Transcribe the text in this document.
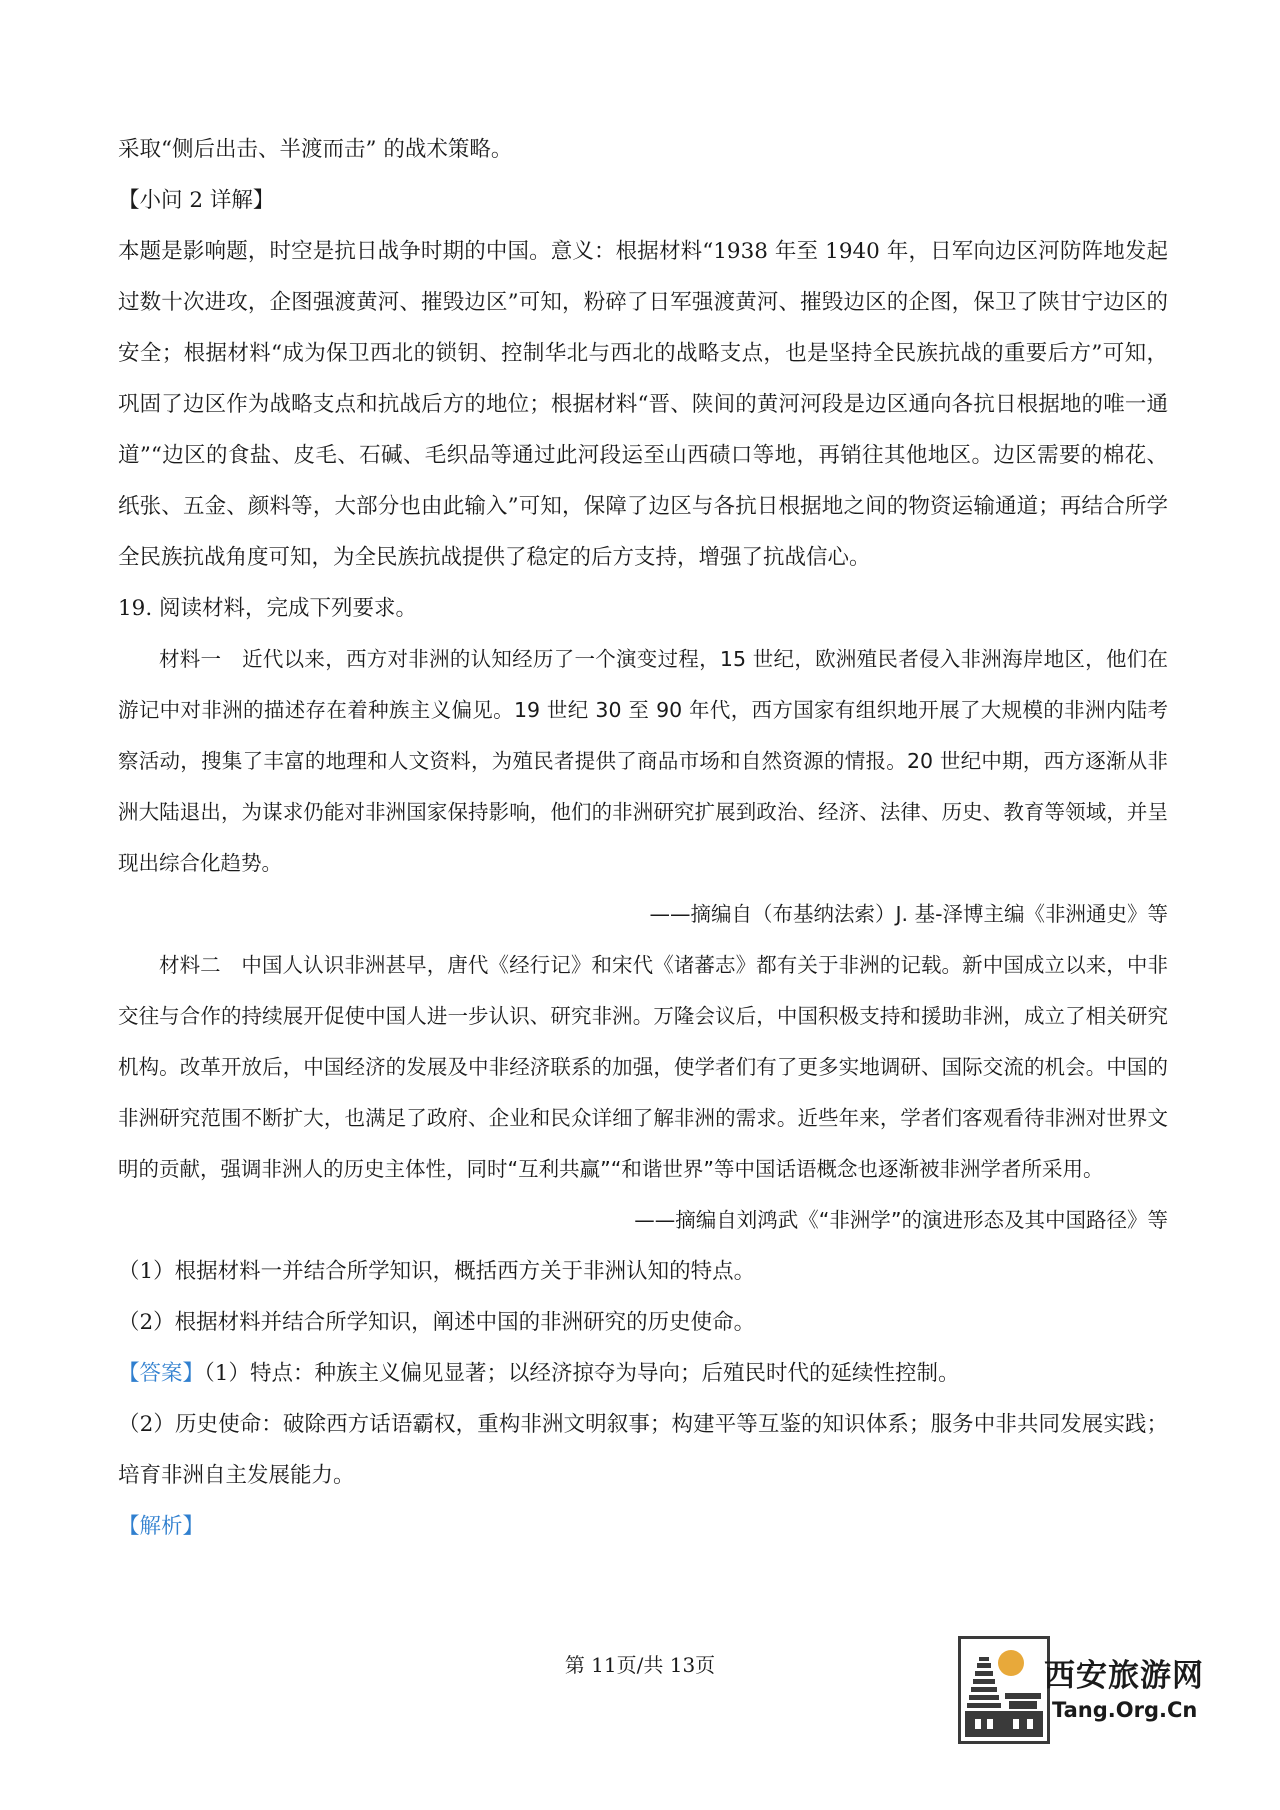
采取“侧后出击、半渡而击” 的战术策略。

【小问 2 详解】

本题是影响题，时空是抗日战争时期的中国。意义：根据材料“1938 年至 1940 年，日军向边区河防阵地发起过数十次进攻，企图强渡黄河、摧毁边区”可知，粉碎了日军强渡黄河、摧毁边区的企图，保卫了陕甘宁边区的安全；根据材料“成为保卫西北的锁钥、控制华北与西北的战略支点，也是坚持全民族抗战的重要后方”可知，巩固了边区作为战略支点和抗战后方的地位；根据材料“晋、陕间的黄河河段是边区通向各抗日根据地的唯一通道”“边区的食盐、皮毛、石碱、毛织品等通过此河段运至山西碛口等地，再销往其他地区。边区需要的棉花、纸张、五金、颜料等，大部分也由此输入”可知，保障了边区与各抗日根据地之间的物资运输通道；再结合所学全民族抗战角度可知，为全民族抗战提供了稳定的后方支持，增强了抗战信心。

19. 阅读材料，完成下列要求。

材料一　近代以来，西方对非洲的认知经历了一个演变过程，15 世纪，欧洲殖民者侵入非洲海岸地区，他们在游记中对非洲的描述存在着种族主义偏见。19 世纪 30 至 90 年代，西方国家有组织地开展了大规模的非洲内陆考察活动，搜集了丰富的地理和人文资料，为殖民者提供了商品市场和自然资源的情报。20 世纪中期，西方逐渐从非洲大陆退出，为谋求仍能对非洲国家保持影响，他们的非洲研究扩展到政治、经济、法律、历史、教育等领域，并呈现出综合化趋势。

——摘编自（布基纳法索）J. 基-泽博主编《非洲通史》等

材料二　中国人认识非洲甚早，唐代《经行记》和宋代《诸蕃志》都有关于非洲的记载。新中国成立以来，中非交往与合作的持续展开促使中国人进一步认识、研究非洲。万隆会议后，中国积极支持和援助非洲，成立了相关研究机构。改革开放后，中国经济的发展及中非经济联系的加强，使学者们有了更多实地调研、国际交流的机会。中国的非洲研究范围不断扩大，也满足了政府、企业和民众详细了解非洲的需求。近些年来，学者们客观看待非洲对世界文明的贡献，强调非洲人的历史主体性，同时“互利共赢”“和谐世界”等中国话语概念也逐渐被非洲学者所采用。

——摘编自刘鸿武《“非洲学”的演进形态及其中国路径》等

（1）根据材料一并结合所学知识，概括西方关于非洲认知的特点。

（2）根据材料并结合所学知识，阐述中国的非洲研究的历史使命。

【答案】（1）特点：种族主义偏见显著；以经济掠夺为导向；后殖民时代的延续性控制。

（2）历史使命：破除西方话语霸权，重构非洲文明叙事；构建平等互鉴的知识体系；服务中非共同发展实践；培育非洲自主发展能力。

【解析】

第 11页/共 13页	西安旅游网
Tang.Org.Cn
